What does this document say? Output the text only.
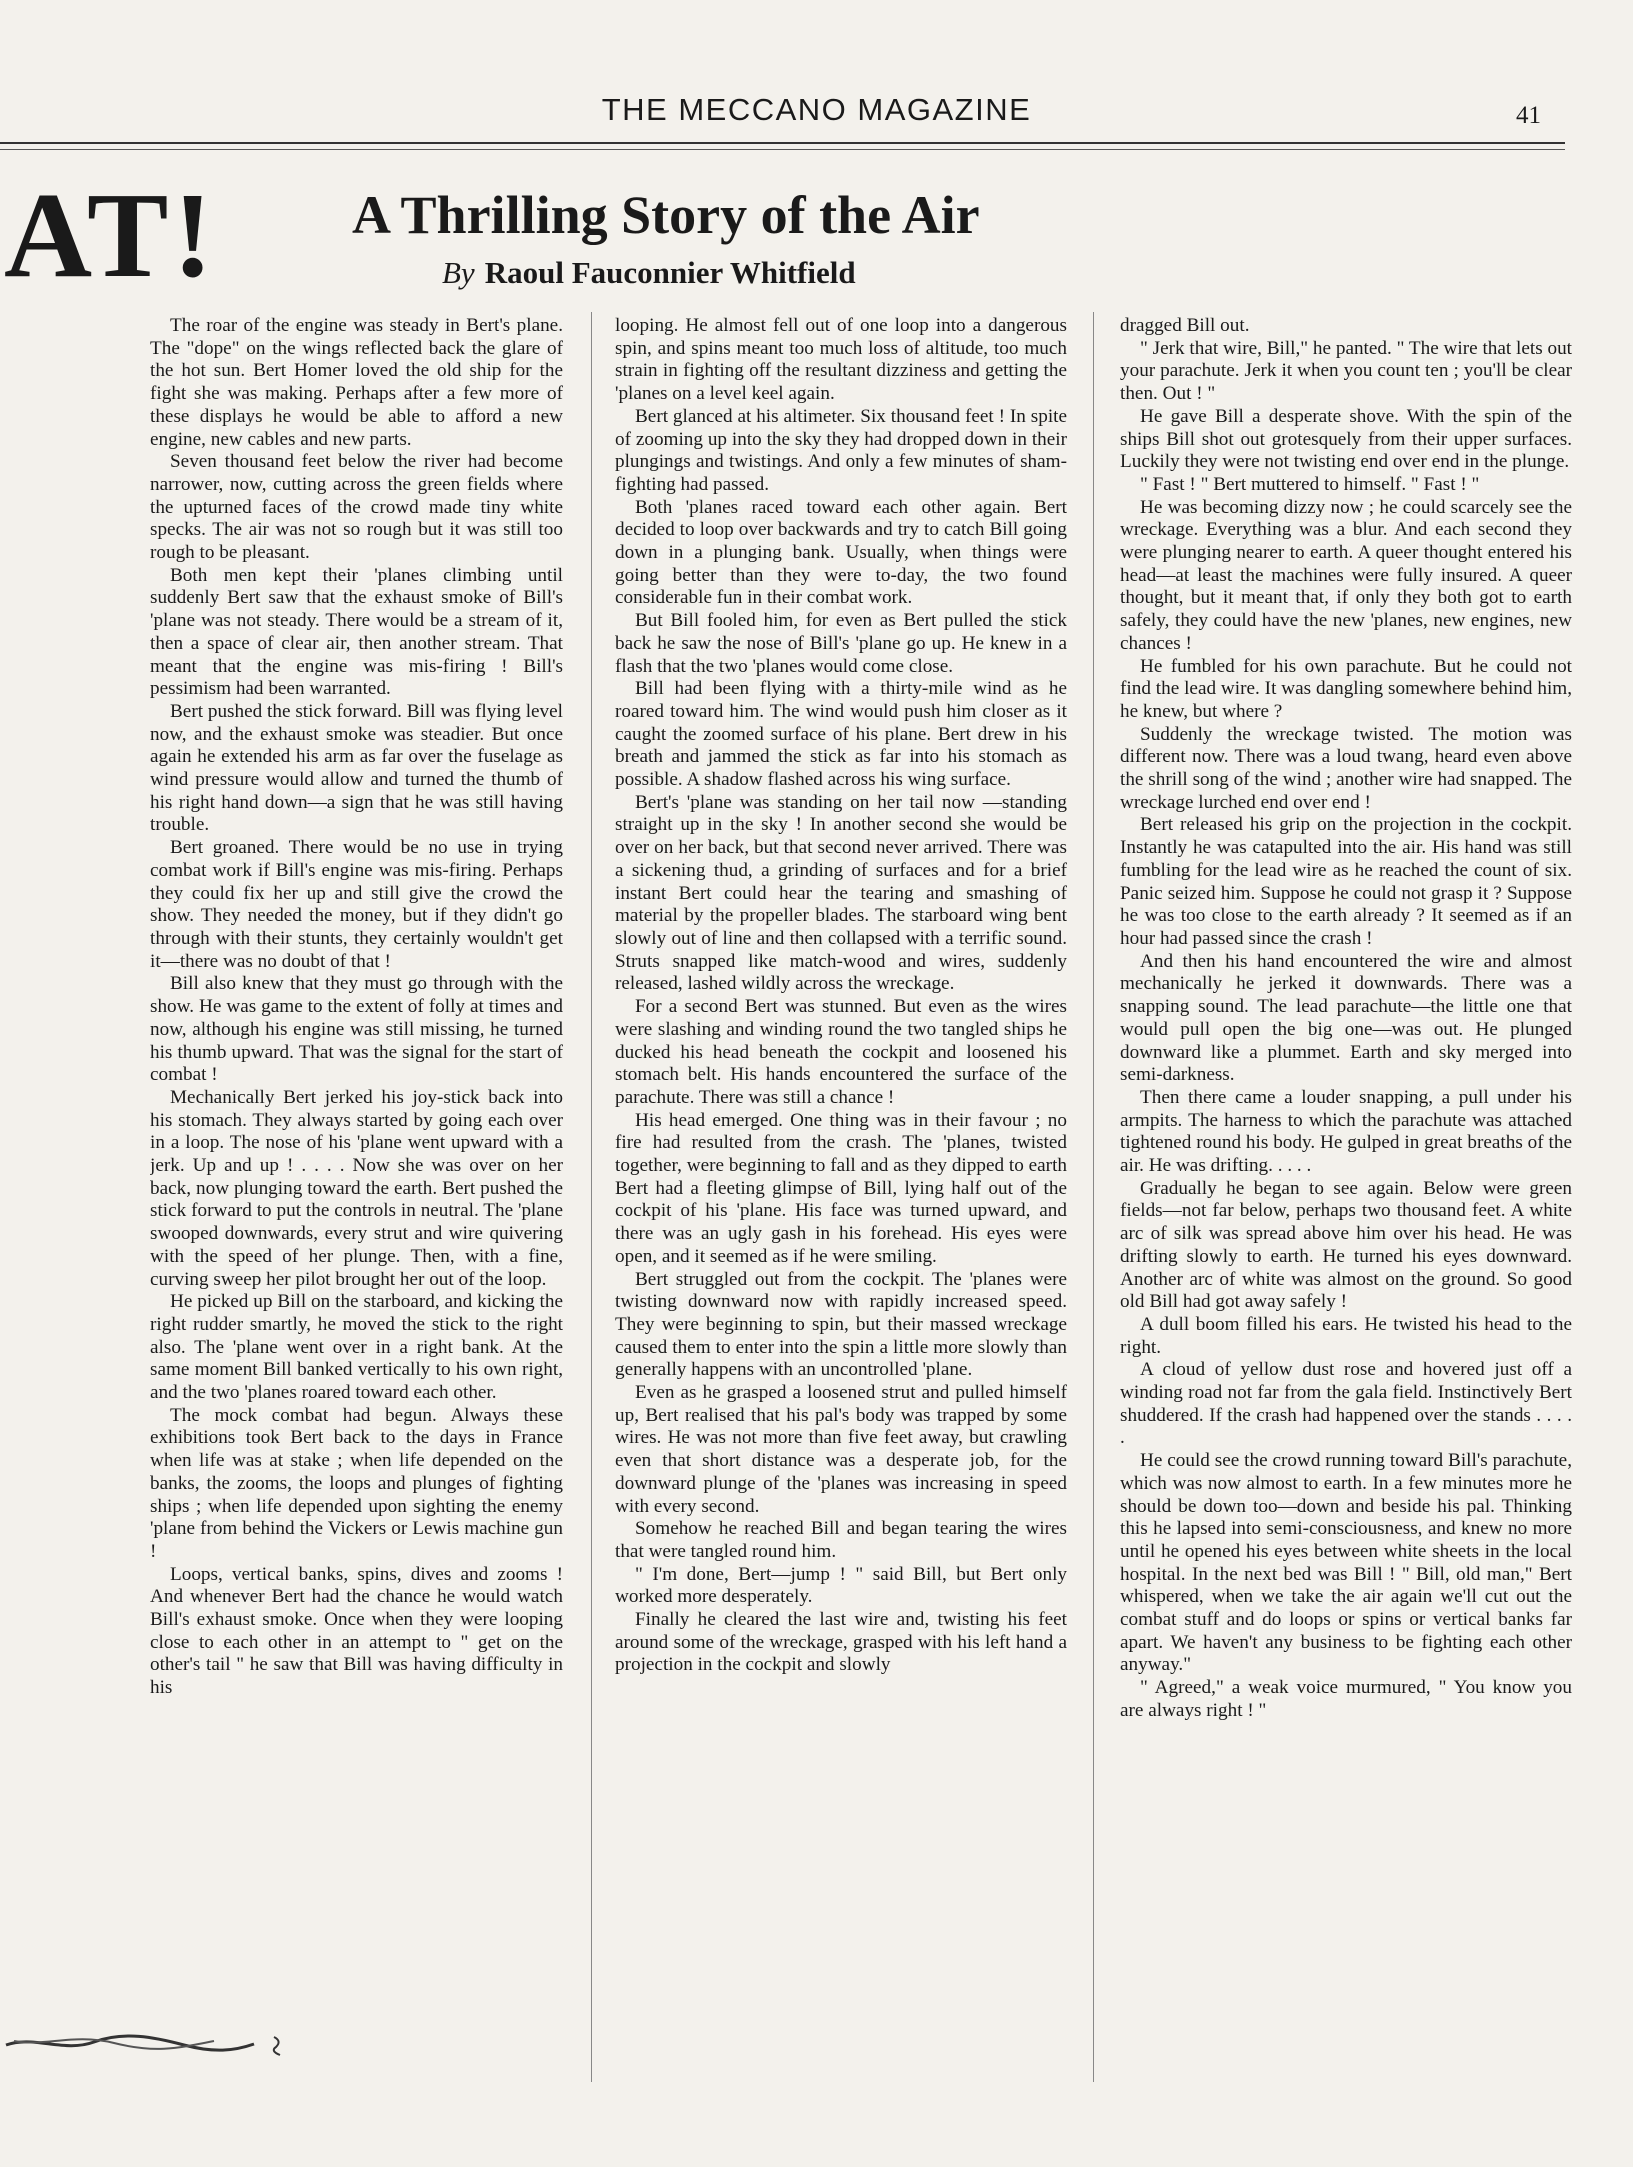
THE MECCANO MAGAZINE	41
AT! A Thrilling Story of the Air
By Raoul Fauconnier Whitfield

The roar of the engine was steady in Bert's plane. The "dope" on the wings reflected back the glare of the hot sun. Bert Homer loved the old ship for the fight she was making. Perhaps after a few more of these displays he would be able to afford a new engine, new cables and new parts.

Seven thousand feet below the river had become narrower, now, cutting across the green fields where the upturned faces of the crowd made tiny white specks. The air was not so rough but it was still too rough to be pleasant.

Both men kept their 'planes climbing until suddenly Bert saw that the exhaust smoke of Bill's 'plane was not steady. There would be a stream of it, then a space of clear air, then another stream. That meant that the engine was mis-firing ! Bill's pessimism had been warranted.

Bert pushed the stick forward. Bill was flying level now, and the exhaust smoke was steadier. But once again he extended his arm as far over the fuselage as wind pressure would allow and turned the thumb of his right hand down—a sign that he was still having trouble.

Bert groaned. There would be no use in trying combat work if Bill's engine was mis-firing. Perhaps they could fix her up and still give the crowd the show. They needed the money, but if they didn't go through with their stunts, they certainly wouldn't get it—there was no doubt of that !

Bill also knew that they must go through with the show. He was game to the extent of folly at times and now, although his engine was still missing, he turned his thumb upward. That was the signal for the start of combat !

Mechanically Bert jerked his joy-stick back into his stomach. They always started by going each over in a loop. The nose of his 'plane went upward with a jerk. Up and up ! . . . . Now she was over on her back, now plunging toward the earth. Bert pushed the stick forward to put the controls in neutral. The 'plane swooped downwards, every strut and wire quivering with the speed of her plunge. Then, with a fine, curving sweep her pilot brought her out of the loop.

He picked up Bill on the starboard, and kicking the right rudder smartly, he moved the stick to the right also. The 'plane went over in a right bank. At the same moment Bill banked vertically to his own right, and the two 'planes roared toward each other.

The mock combat had begun. Always these exhibitions took Bert back to the days in France when life was at stake ; when life depended on the banks, the zooms, the loops and plunges of fighting ships ; when life depended upon sighting the enemy 'plane from behind the Vickers or Lewis machine gun !

Loops, vertical banks, spins, dives and zooms ! And whenever Bert had the chance he would watch Bill's exhaust smoke. Once when they were looping close to each other in an attempt to " get on the other's tail " he saw that Bill was having difficulty in his

looping. He almost fell out of one loop into a dangerous spin, and spins meant too much loss of altitude, too much strain in fighting off the resultant dizziness and getting the 'planes on a level keel again.

Bert glanced at his altimeter. Six thousand feet ! In spite of zooming up into the sky they had dropped down in their plungings and twistings. And only a few minutes of sham-fighting had passed.

Both 'planes raced toward each other again. Bert decided to loop over backwards and try to catch Bill going down in a plunging bank. Usually, when things were going better than they were to-day, the two found considerable fun in their combat work.

But Bill fooled him, for even as Bert pulled the stick back he saw the nose of Bill's 'plane go up. He knew in a flash that the two 'planes would come close.

Bill had been flying with a thirty-mile wind as he roared toward him. The wind would push him closer as it caught the zoomed surface of his plane. Bert drew in his breath and jammed the stick as far into his stomach as possible. A shadow flashed across his wing surface.

Bert's 'plane was standing on her tail now —standing straight up in the sky ! In another second she would be over on her back, but that second never arrived. There was a sickening thud, a grinding of surfaces and for a brief instant Bert could hear the tearing and smashing of material by the propeller blades. The starboard wing bent slowly out of line and then collapsed with a terrific sound. Struts snapped like match-wood and wires, suddenly released, lashed wildly across the wreckage.

For a second Bert was stunned. But even as the wires were slashing and winding round the two tangled ships he ducked his head beneath the cockpit and loosened his stomach belt. His hands encountered the surface of the parachute. There was still a chance !

His head emerged. One thing was in their favour ; no fire had resulted from the crash. The 'planes, twisted together, were beginning to fall and as they dipped to earth Bert had a fleeting glimpse of Bill, lying half out of the cockpit of his 'plane. His face was turned upward, and there was an ugly gash in his forehead. His eyes were open, and it seemed as if he were smiling.

Bert struggled out from the cockpit. The 'planes were twisting downward now with rapidly increased speed. They were beginning to spin, but their massed wreckage caused them to enter into the spin a little more slowly than generally happens with an uncontrolled 'plane.

Even as he grasped a loosened strut and pulled himself up, Bert realised that his pal's body was trapped by some wires. He was not more than five feet away, but crawling even that short distance was a desperate job, for the downward plunge of the 'planes was increasing in speed with every second.

Somehow he reached Bill and began tearing the wires that were tangled round him.

" I'm done, Bert—jump ! " said Bill, but Bert only worked more desperately.

Finally he cleared the last wire and, twisting his feet around some of the wreckage, grasped with his left hand a projection in the cockpit and slowly

dragged Bill out.

" Jerk that wire, Bill," he panted. " The wire that lets out your parachute. Jerk it when you count ten ; you'll be clear then. Out ! "

He gave Bill a desperate shove. With the spin of the ships Bill shot out grotesquely from their upper surfaces. Luckily they were not twisting end over end in the plunge.

" Fast ! " Bert muttered to himself. " Fast ! "

He was becoming dizzy now ; he could scarcely see the wreckage. Everything was a blur. And each second they were plunging nearer to earth. A queer thought entered his head—at least the machines were fully insured. A queer thought, but it meant that, if only they both got to earth safely, they could have the new 'planes, new engines, new chances !

He fumbled for his own parachute. But he could not find the lead wire. It was dangling somewhere behind him, he knew, but where ?

Suddenly the wreckage twisted. The motion was different now. There was a loud twang, heard even above the shrill song of the wind ; another wire had snapped. The wreckage lurched end over end !

Bert released his grip on the projection in the cockpit. Instantly he was catapulted into the air. His hand was still fumbling for the lead wire as he reached the count of six. Panic seized him. Suppose he could not grasp it ? Suppose he was too close to the earth already ? It seemed as if an hour had passed since the crash !

And then his hand encountered the wire and almost mechanically he jerked it downwards. There was a snapping sound. The lead parachute—the little one that would pull open the big one—was out. He plunged downward like a plummet. Earth and sky merged into semi-darkness.

Then there came a louder snapping, a pull under his armpits. The harness to which the parachute was attached tightened round his body. He gulped in great breaths of the air. He was drifting. . . . .

Gradually he began to see again. Below were green fields—not far below, perhaps two thousand feet. A white arc of silk was spread above him over his head. He was drifting slowly to earth. He turned his eyes downward. Another arc of white was almost on the ground. So good old Bill had got away safely !

A dull boom filled his ears. He twisted his head to the right.

A cloud of yellow dust rose and hovered just off a winding road not far from the gala field. Instinctively Bert shuddered. If the crash had happened over the stands . . . . .

He could see the crowd running toward Bill's parachute, which was now almost to earth. In a few minutes more he should be down too—down and beside his pal. Thinking this he lapsed into semi-consciousness, and knew no more until he opened his eyes between white sheets in the local hospital. In the next bed was Bill ! " Bill, old man," Bert whispered, when we take the air again we'll cut out the combat stuff and do loops or spins or vertical banks far apart. We haven't any business to be fighting each other anyway."

" Agreed," a weak voice murmured, " You know you are always right ! "
